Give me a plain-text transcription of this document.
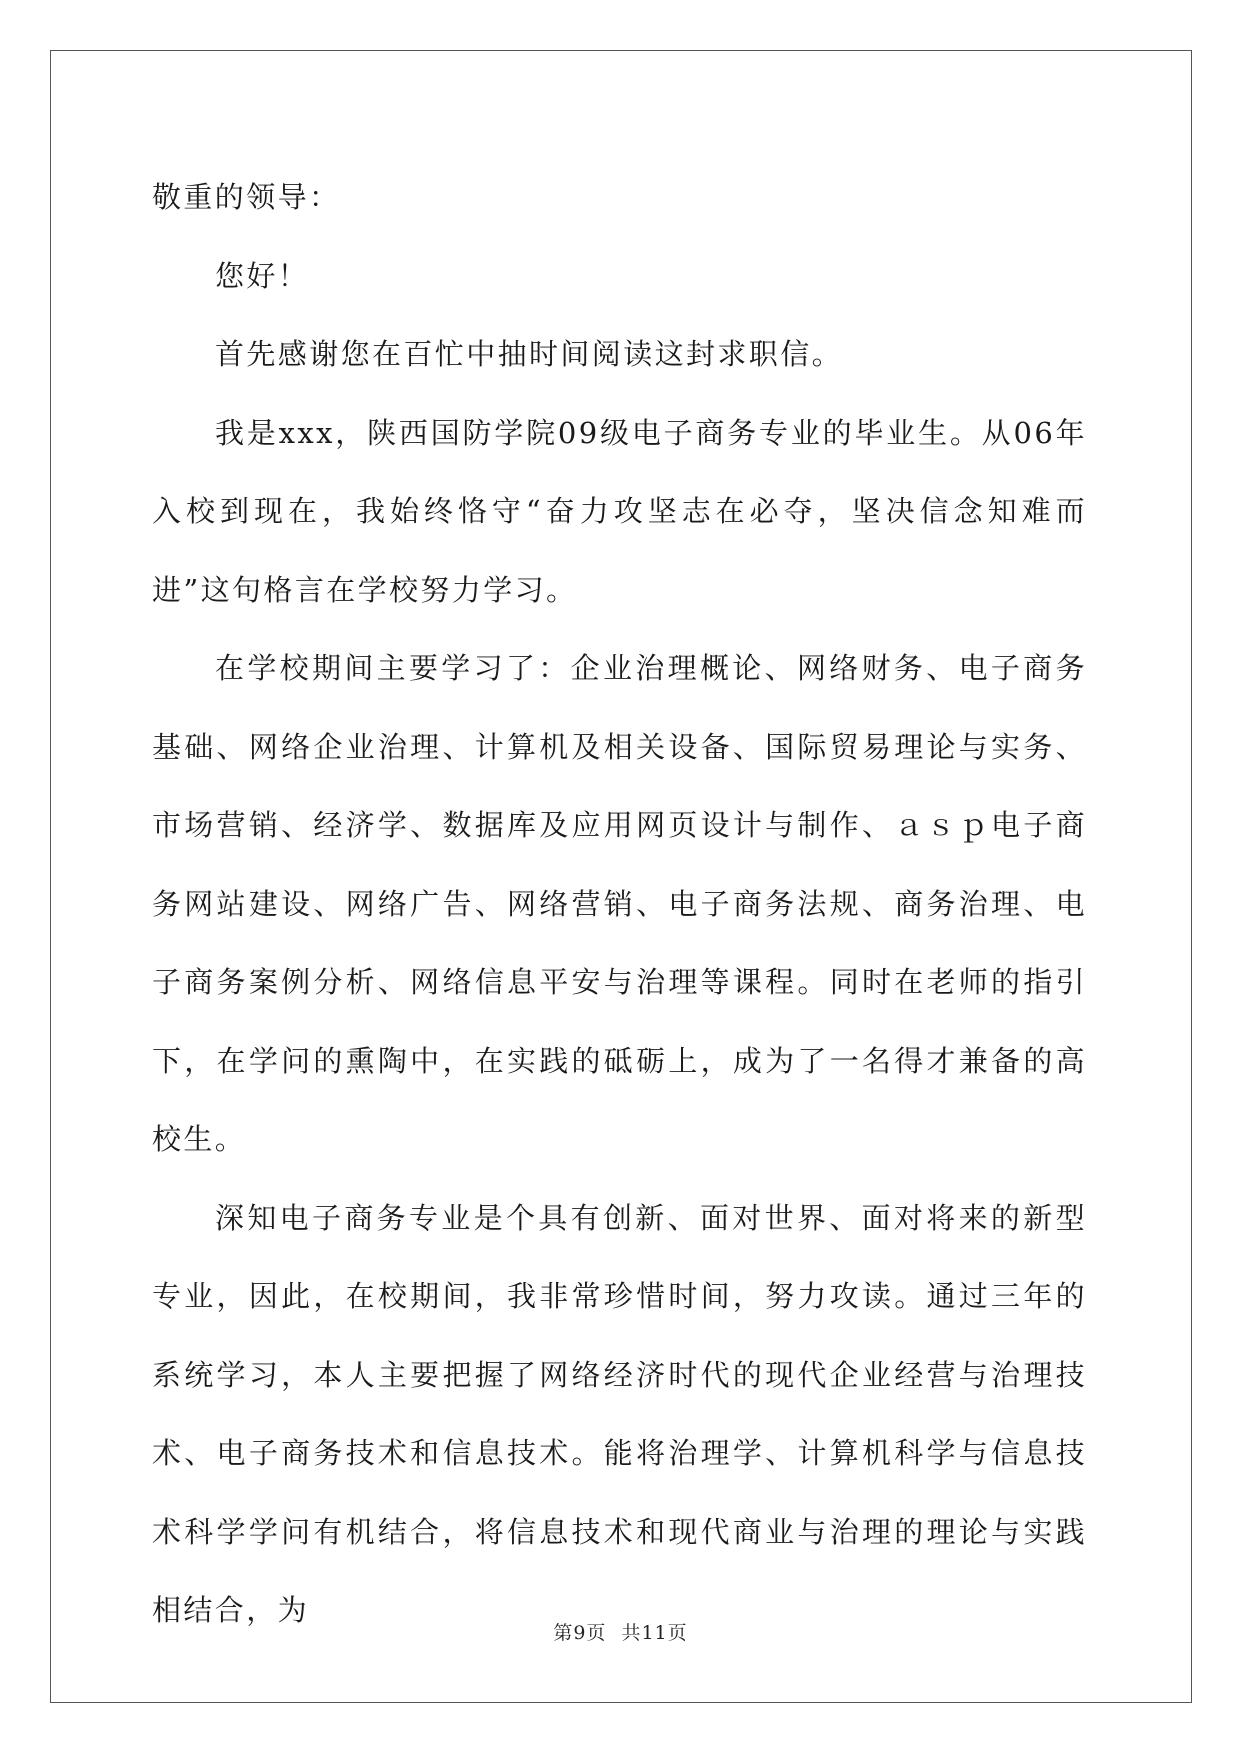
敬重的领导：

您好！

首先感谢您在百忙中抽时间阅读这封求职信。

我是xxx，陕西国防学院09级电子商务专业的毕业生。从06年入校到现在，我始终恪守“奋力攻坚志在必夺，坚决信念知难而进”这句格言在学校努力学习。

在学校期间主要学习了：企业治理概论、网络财务、电子商务基础、网络企业治理、计算机及相关设备、国际贸易理论与实务、市场营销、经济学、数据库及应用网页设计与制作、ａｓｐ电子商务网站建设、网络广告、网络营销、电子商务法规、商务治理、电子商务案例分析、网络信息平安与治理等课程。同时在老师的指引下，在学问的熏陶中，在实践的砥砺上，成为了一名得才兼备的高校生。

深知电子商务专业是个具有创新、面对世界、面对将来的新型专业，因此，在校期间，我非常珍惜时间，努力攻读。通过三年的系统学习，本人主要把握了网络经济时代的现代企业经营与治理技术、电子商务技术和信息技术。能将治理学、计算机科学与信息技术科学学问有机结合，将信息技术和现代商业与治理的理论与实践相结合，为

第9页 共11页
